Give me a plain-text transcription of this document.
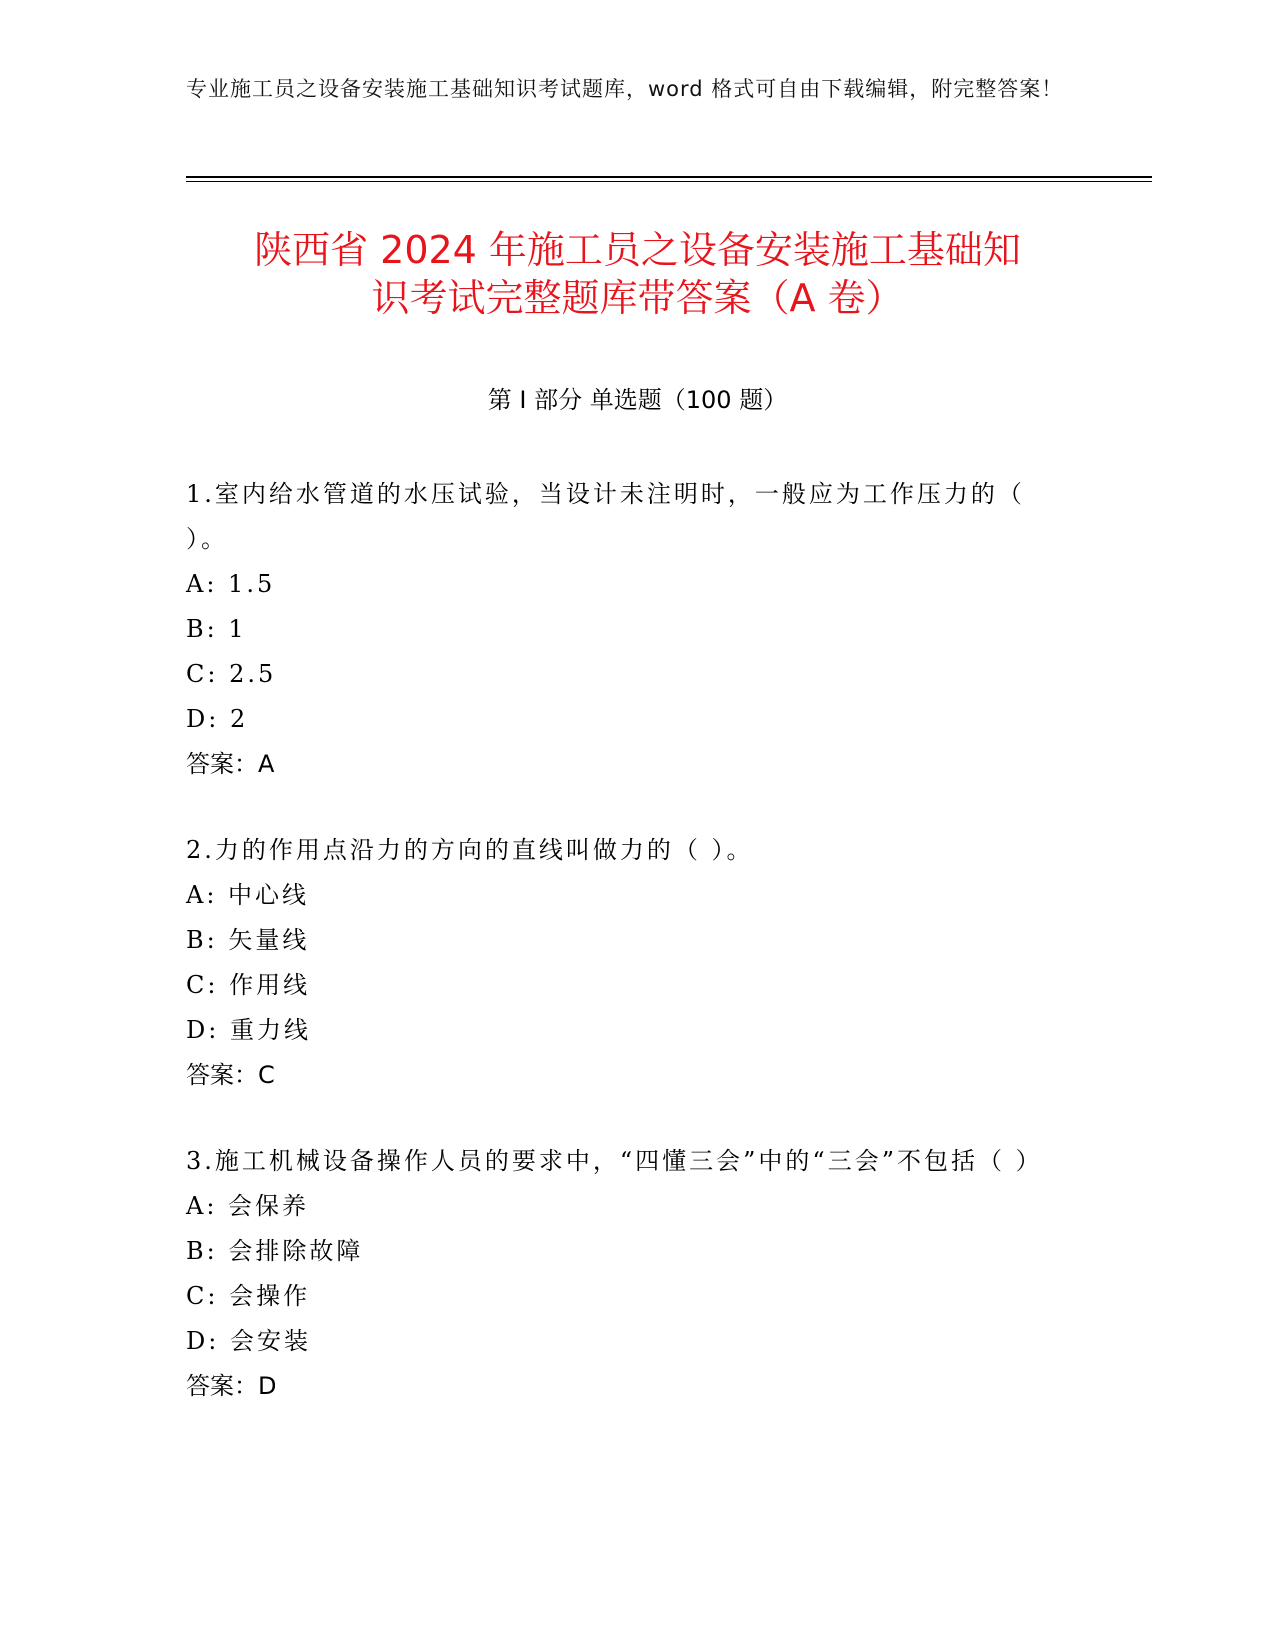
专业施工员之设备安装施工基础知识考试题库，word 格式可自由下载编辑，附完整答案！
陕西省 2024 年施工员之设备安装施工基础知
识考试完整题库带答案（A 卷）
第 I 部分 单选题（100 题）

1.室内给水管道的水压试验，当设计未注明时，一般应为工作压力的（ ）。

A: 1.5

B: 1

C: 2.5

D: 2

答案：A

2.力的作用点沿力的方向的直线叫做力的（ ）。

A: 中心线

B: 矢量线

C: 作用线

D: 重力线

答案：C

3.施工机械设备操作人员的要求中，“四懂三会”中的“三会”不包括（ ）

A: 会保养

B: 会排除故障

C: 会操作

D: 会安装

答案：D
